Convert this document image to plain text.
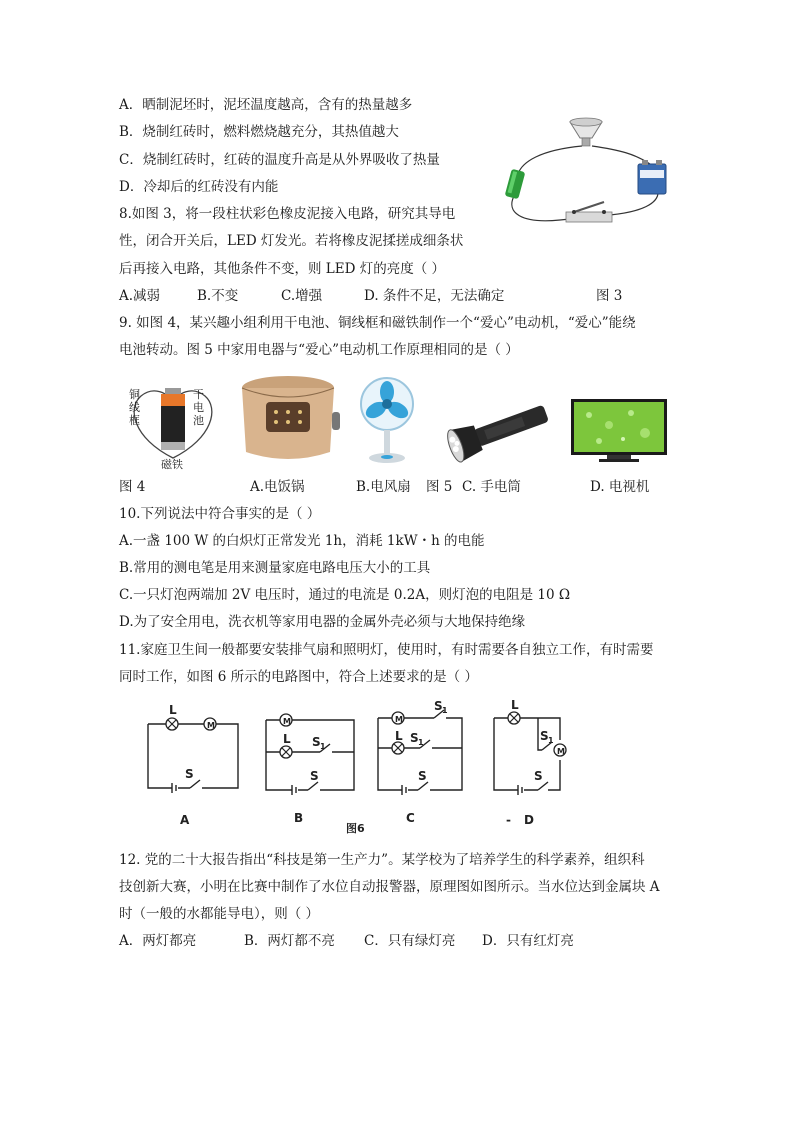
A．晒制泥坯时，泥坯温度越高，含有的热量越多
B．烧制红砖时，燃料燃烧越充分，其热值越大
C．烧制红砖时，红砖的温度升高是从外界吸收了热量
D．冷却后的红砖没有内能
8.如图 3，将一段柱状彩色橡皮泥接入电路，研究其导电
性，闭合开关后，LED 灯发光。若将橡皮泥揉搓成细条状
后再接入电路，其他条件不变，则 LED 灯的亮度（ ）
A.减弱	B.不变	C.增强	D. 条件不足，无法确定	图 3
9. 如图 4，某兴趣小组利用干电池、铜线框和磁铁制作一个“爱心”电动机，“爱心”能绕
电池转动。图 5 中家用电器与“爱心”电动机工作原理相同的是（ ）
铜
线
框
干
电
池
磁铁
图 4	A.电饭锅	B.电风扇 图 5 C. 手电筒	D. 电视机
10.下列说法中符合事实的是（ ）
A.一盏 100 W 的白炽灯正常发光 1h，消耗 1kW・h 的电能
B.常用的测电笔是用来测量家庭电路电压大小的工具
C.一只灯泡两端加 2V 电压时，通过的电流是 0.2A，则灯泡的电阻是 10 Ω
D.为了安全用电，洗衣机等家用电器的金属外壳必须与大地保持绝缘
11.家庭卫生间一般都要安装排气扇和照明灯，使用时，有时需要各自独立工作，有时需要
同时工作，如图 6 所示的电路图中，符合上述要求的是（ ）
L
M
S
M
L S 1
S
M
S 1
L S 1
S
L
M
S 1
S
A	B	C	- D
图6
12. 党的二十大报告指出“科技是第一生产力”。某学校为了培养学生的科学素养，组织科
技创新大赛，小明在比赛中制作了水位自动报警器，原理图如图所示。当水位达到金属块 A
时（一般的水都能导电），则（ ）
A．两灯都亮	B．两灯都不亮 C．只有绿灯亮 D．只有红灯亮
